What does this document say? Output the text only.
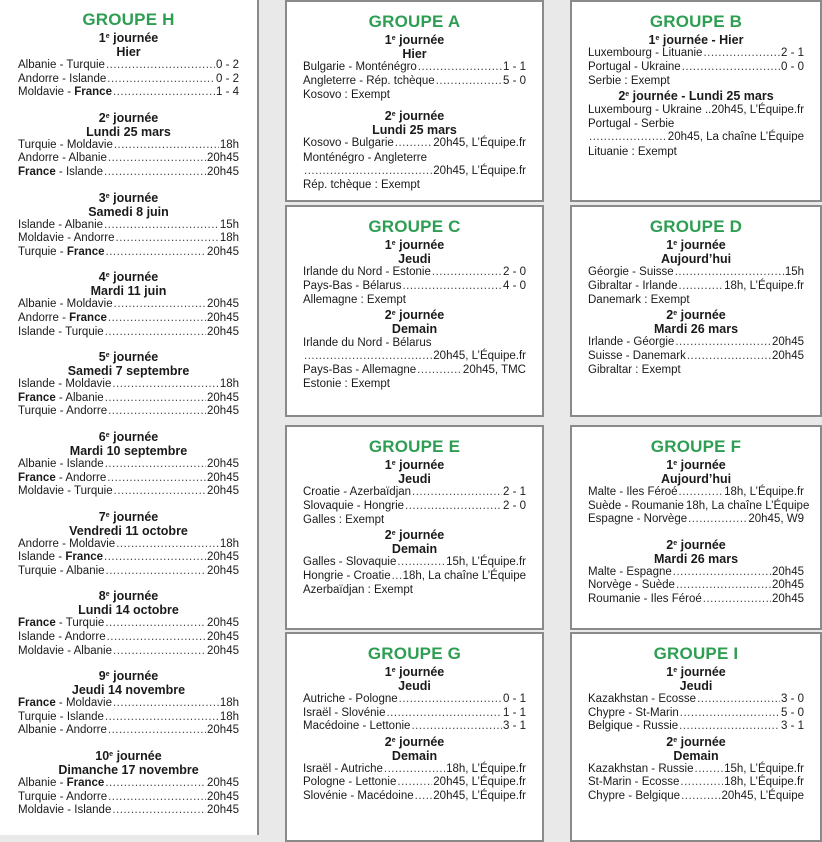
GROUPE H
1e journée
Hier
Albanie - Turquie .....	0 - 2
Andorre - Islande .....	0 - 2
Moldavie - France .....	1 - 4
2e journée
Lundi 25 mars
Turquie - Moldavie .....	18h
Andorre - Albanie .....	20h45
France - Islande .....	20h45
3e journée
Samedi 8 juin
Islande - Albanie .....	15h
Moldavie - Andorre .....	18h
Turquie - France .....	20h45
4e journée
Mardi 11 juin
Albanie - Moldavie .....	20h45
Andorre - France .....	20h45
Islande - Turquie .....	20h45
5e journée
Samedi 7 septembre
Islande - Moldavie .....	18h
France - Albanie .....	20h45
Turquie - Andorre .....	20h45
6e journée
Mardi 10 septembre
Albanie - Islande .....	20h45
France - Andorre .....	20h45
Moldavie - Turquie .....	20h45
7e journée
Vendredi 11 octobre
Andorre - Moldavie .....	18h
Islande - France .....	20h45
Turquie - Albanie .....	20h45
8e journée
Lundi 14 octobre
France - Turquie .....	20h45
Islande - Andorre .....	20h45
Moldavie - Albanie .....	20h45
9e journée
Jeudi 14 novembre
France - Moldavie .....	18h
Turquie - Islande .....	18h
Albanie - Andorre .....	20h45
10e journée
Dimanche 17 novembre
Albanie - France .....	20h45
Turquie - Andorre .....	20h45
Moldavie - Islande .....	20h45
GROUPE A
1e journée
Hier
Bulgarie - Monténégro .....	1 - 1
Angleterre - Rép. tchèque .....	5 - 0
Kosovo : Exempt
2e journée
Lundi 25 mars
Kosovo - Bulgarie .....	20h45, L’Équipe.fr
Monténégro - Angleterre
.....
20h45, L’Équipe.fr
Rép. tchèque : Exempt
GROUPE B
1e journée - Hier
Luxembourg - Lituanie .....	2 - 1
Portugal - Ukraine .....	0 - 0
Serbie : Exempt
2e journée - Lundi 25 mars
Luxembourg - Ukraine ..20h45, L’Équipe.fr
Portugal - Serbie
.....
20h45, La chaîne L’Équipe
Lituanie : Exempt
GROUPE C
1e journée
Jeudi
Irlande du Nord - Estonie .....	2 - 0
Pays-Bas - Bélarus .....	4 - 0
Allemagne : Exempt
2e journée
Demain
Irlande du Nord - Bélarus
.....
20h45, L’Équipe.fr
Pays-Bas - Allemagne .....	20h45, TMC
Estonie : Exempt
GROUPE D
1e journée
Aujourd’hui
Géorgie - Suisse .....	15h
Gibraltar - Irlande .....	18h, L’Équipe.fr
Danemark : Exempt
2e journée
Mardi 26 mars
Irlande - Géorgie .....	20h45
Suisse - Danemark .....	20h45
Gibraltar : Exempt
GROUPE E
1e journée
Jeudi
Croatie - Azerbaïdjan .....	2 - 1
Slovaquie - Hongrie .....	2 - 0
Galles : Exempt
2e journée
Demain
Galles - Slovaquie .....	15h, L’Équipe.fr
Hongrie - Croatie ..... 18h, La chaîne L’Équipe
Azerbaïdjan : Exempt
GROUPE F
1e journée
Aujourd’hui
Malte - Iles Féroé .....	18h, L’Équipe.fr
Suède - Roumanie 18h, La chaîne L’Équipe
Espagne - Norvège .....	20h45, W9
2e journée
Mardi 26 mars
Malte - Espagne .....	20h45
Norvège - Suède .....	20h45
Roumanie - Iles Féroé .....	20h45
GROUPE G
1e journée
Jeudi
Autriche - Pologne .....	0 - 1
Israël - Slovénie .....	1 - 1
Macédoine - Lettonie .....	3 - 1
2e journée
Demain
Israël - Autriche .....	18h, L’Équipe.fr
Pologne - Lettonie .....	20h45, L’Équipe.fr
Slovénie - Macédoine ..... 20h45, L’Équipe.fr
GROUPE I
1e journée
Jeudi
Kazakhstan - Ecosse .....	3 - 0
Chypre - St-Marin .....	5 - 0
Belgique - Russie .....	3 - 1
2e journée
Demain
Kazakhstan - Russie .....	15h, L’Équipe.fr
St-Marin - Ecosse .....	18h, L’Équipe.fr
Chypre - Belgique .....	20h45, L’Équipe
